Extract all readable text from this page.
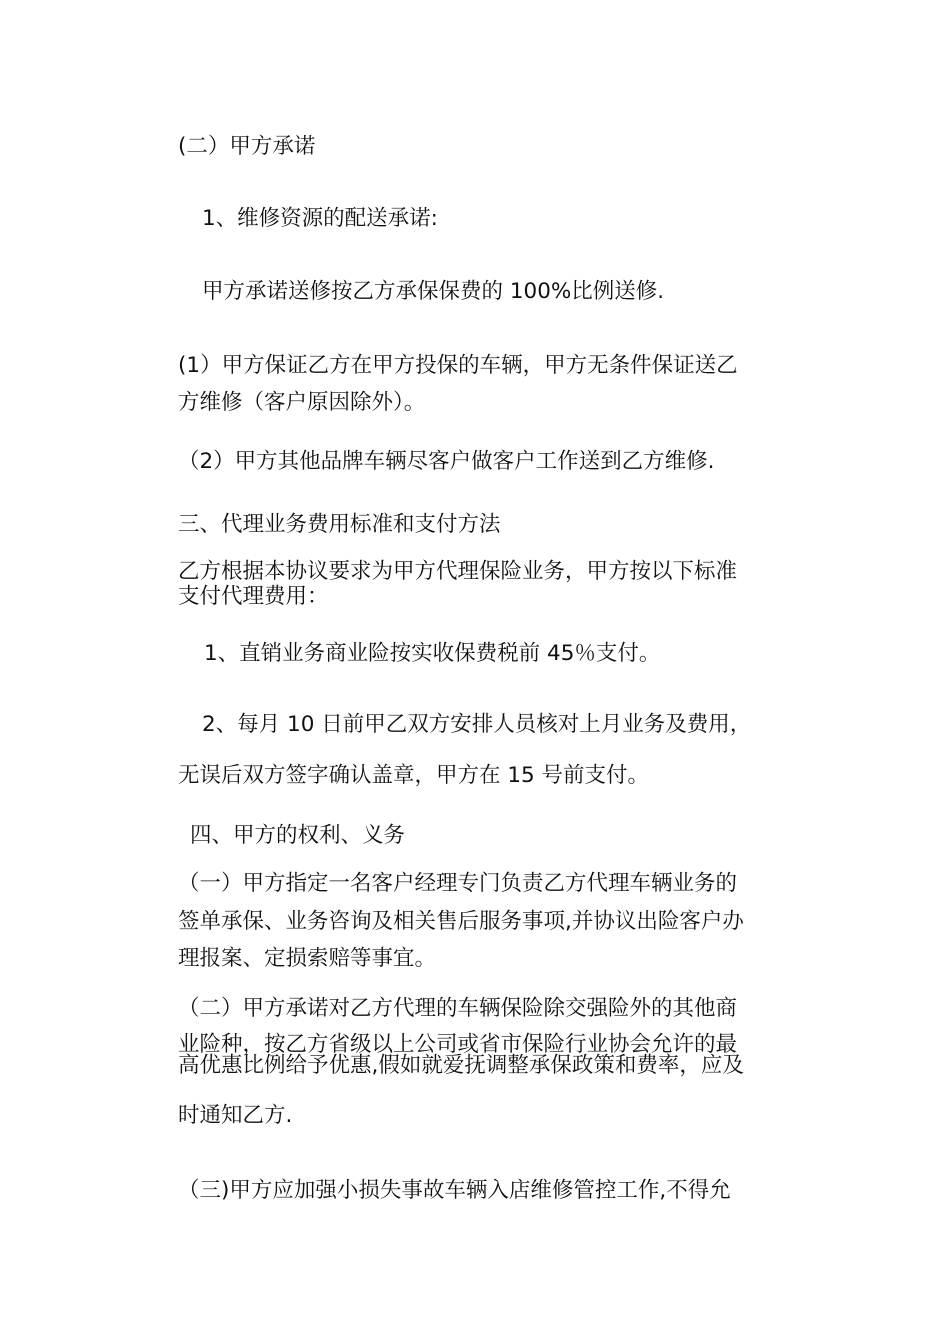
(二）甲方承诺
1、维修资源的配送承诺:
甲方承诺送修按乙方承保保费的 100%比例送修.
(1）甲方保证乙方在甲方投保的车辆，甲方无条件保证送乙
方维修（客户原因除外）。
（2）甲方其他品牌车辆尽客户做客户工作送到乙方维修.
三、代理业务费用标准和支付方法
乙方根据本协议要求为甲方代理保险业务，甲方按以下标准
支付代理费用：
1、直销业务商业险按实收保费税前 45％支付。
2、每月 10 日前甲乙双方安排人员核对上月业务及费用，
无误后双方签字确认盖章，甲方在 15 号前支付。
四、甲方的权利、义务
（一）甲方指定一名客户经理专门负责乙方代理车辆业务的
签单承保、业务咨询及相关售后服务事项,并协议出险客户办
理报案、定损索赔等事宜。
（二）甲方承诺对乙方代理的车辆保险除交强险外的其他商
业险种，按乙方省级以上公司或省市保险行业协会允许的最
高优惠比例给予优惠,假如就爱抚调整承保政策和费率，应及
时通知乙方.
（三)甲方应加强小损失事故车辆入店维修管控工作,不得允
